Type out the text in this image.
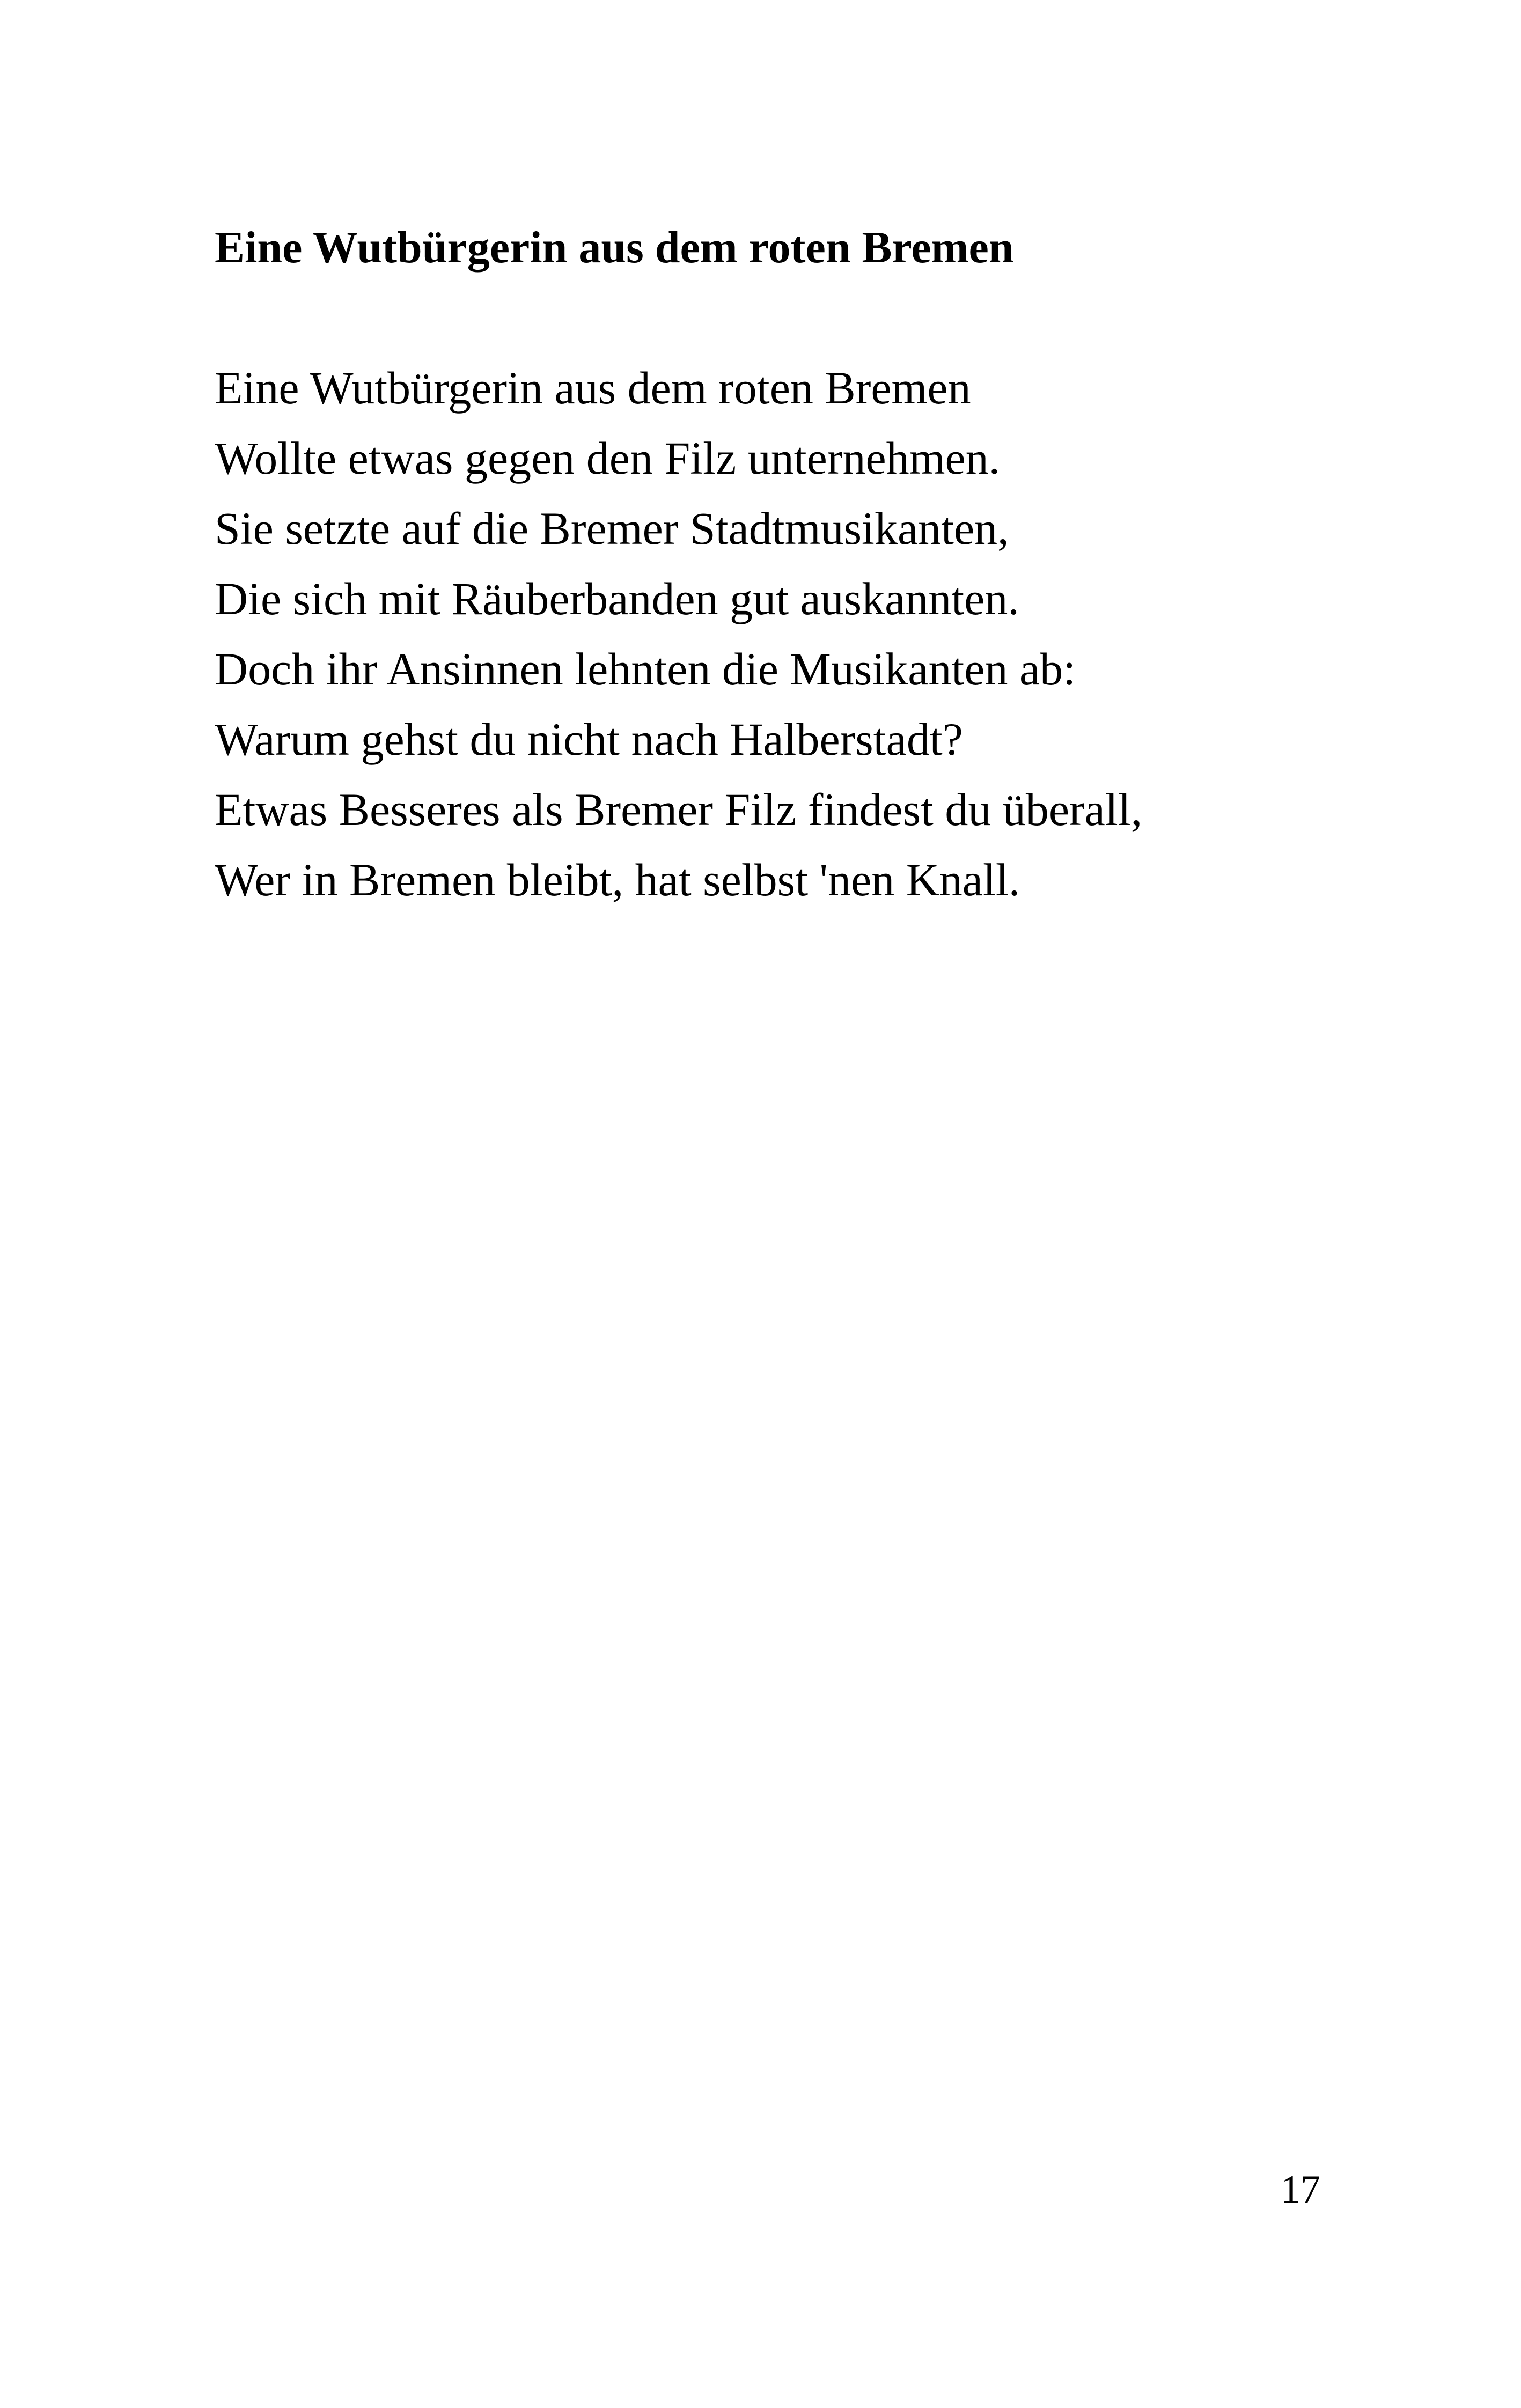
Eine Wutbürgerin aus dem roten Bremen
Eine Wutbürgerin aus dem roten Bremen
Wollte etwas gegen den Filz unternehmen.
Sie setzte auf die Bremer Stadtmusikanten,
Die sich mit Räuberbanden gut auskannten.
Doch ihr Ansinnen lehnten die Musikanten ab:
Warum gehst du nicht nach Halberstadt?
Etwas Besseres als Bremer Filz findest du überall,
Wer in Bremen bleibt, hat selbst 'nen Knall.
17
